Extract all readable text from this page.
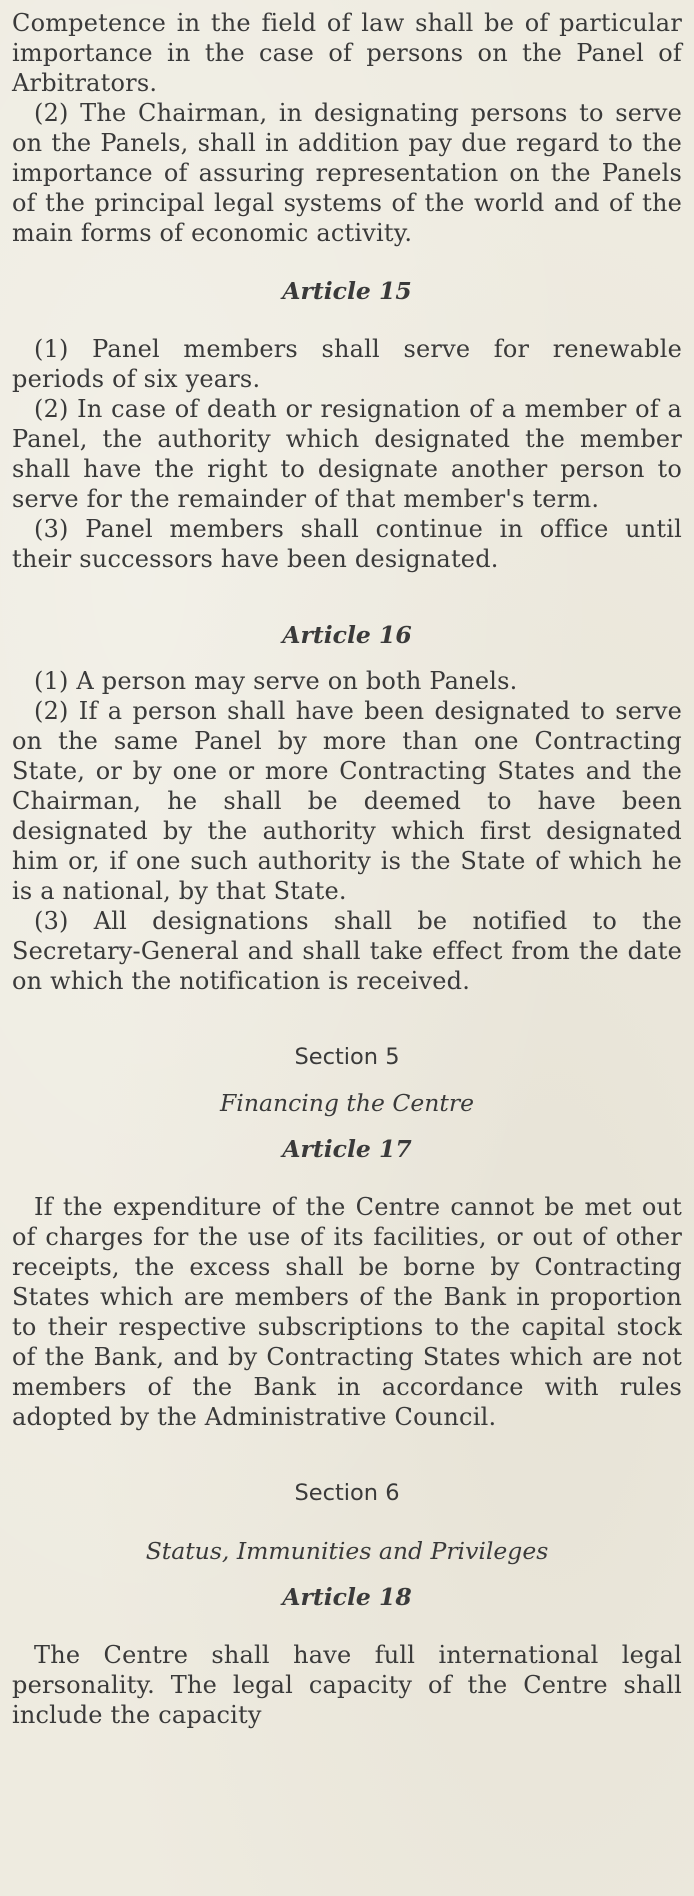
Competence in the field of law shall be of particular importance in the case of persons on the Panel of Arbitrators.

(2) The Chairman, in designating persons to serve on the Panels, shall in addition pay due regard to the importance of assuring representation on the Panels of the principal legal systems of the world and of the main forms of economic activity.

Article 15

(1) Panel members shall serve for renewable periods of six years.

(2) In case of death or resignation of a member of a Panel, the authority which designated the member shall have the right to designate another person to serve for the remainder of that member's term.

(3) Panel members shall continue in office until their successors have been designated.

Article 16

(1) A person may serve on both Panels.

(2) If a person shall have been designated to serve on the same Panel by more than one Contracting State, or by one or more Contracting States and the Chairman, he shall be deemed to have been designated by the authority which first designated him or, if one such authority is the State of which he is a national, by that State.

(3) All designations shall be notified to the Secretary-General and shall take effect from the date on which the notification is received.

Section 5

Financing the Centre

Article 17

If the expenditure of the Centre cannot be met out of charges for the use of its facilities, or out of other receipts, the excess shall be borne by Contracting States which are members of the Bank in proportion to their respective subscriptions to the capital stock of the Bank, and by Contracting States which are not members of the Bank in accordance with rules adopted by the Administrative Council.

Section 6

Status, Immunities and Privileges

Article 18

The Centre shall have full international legal personality. The legal capacity of the Centre shall include the capacity
